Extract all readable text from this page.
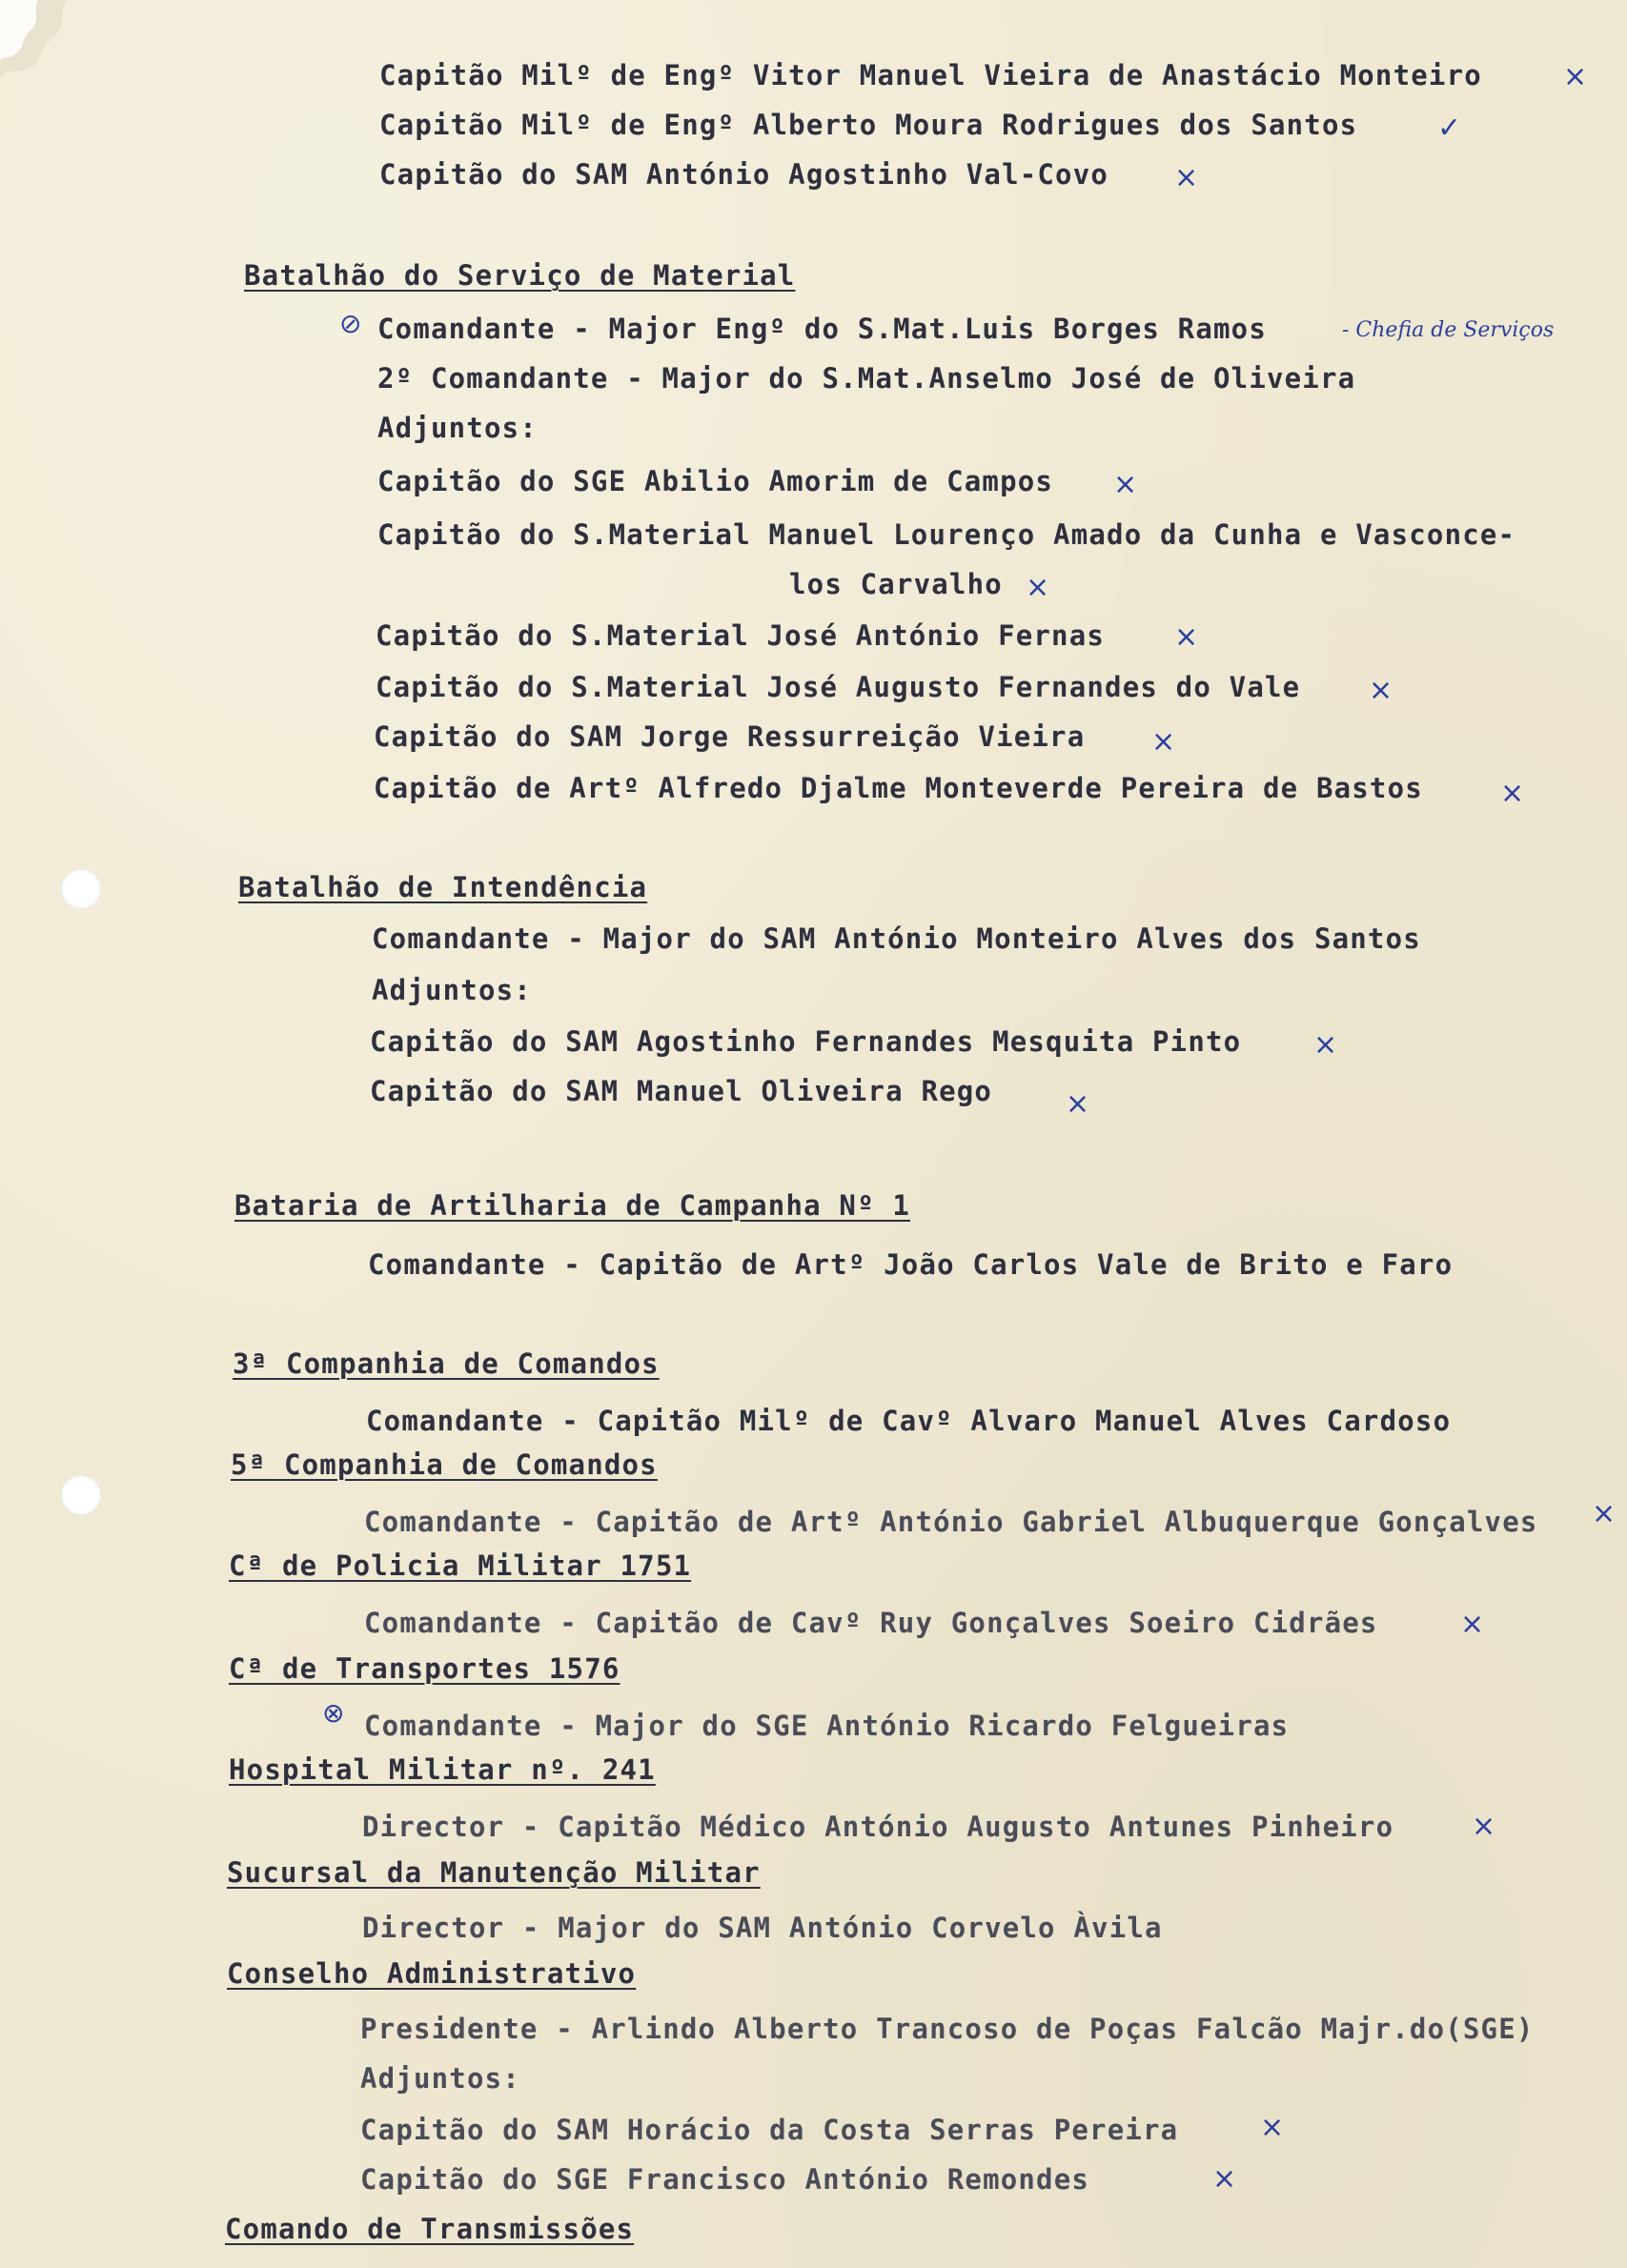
Capitão Milº de Engº Vitor Manuel Vieira de Anastácio Monteiro	×
Capitão Milº de Engº Alberto Moura Rodrigues dos Santos	✓
Capitão do SAM António Agostinho Val-Covo ×
Batalhão do Serviço de Material
⊘ Comandante - Major Engº do S.Mat.Luis Borges Ramos	- Chefia de Serviços
2º Comandante - Major do S.Mat.Anselmo José de Oliveira
Adjuntos:
Capitão do SGE Abilio Amorim de Campos ×
Capitão do S.Material Manuel Lourenço Amado da Cunha e Vasconce-
los Carvalho ×
Capitão do S.Material José António Fernas ×
Capitão do S.Material José Augusto Fernandes do Vale ×
Capitão do SAM Jorge Ressurreição Vieira ×
Capitão de Artº Alfredo Djalme Monteverde Pereira de Bastos	×
Batalhão de Intendência
Comandante - Major do SAM António Monteiro Alves dos Santos
Adjuntos:
Capitão do SAM Agostinho Fernandes Mesquita Pinto	×
Capitão do SAM Manuel Oliveira Rego	×
Bataria de Artilharia de Campanha Nº 1
Comandante - Capitão de Artº João Carlos Vale de Brito e Faro
3ª Companhia de Comandos
Comandante - Capitão Milº de Cavº Alvaro Manuel Alves Cardoso
5ª Companhia de Comandos
Comandante - Capitão de Artº António Gabriel Albuquerque Gonçalves ×
Cª de Policia Militar 1751
Comandante - Capitão de Cavº Ruy Gonçalves Soeiro Cidrães	×
Cª de Transportes 1576
⊗ Comandante - Major do SGE António Ricardo Felgueiras
Hospital Militar nº. 241
Director - Capitão Médico António Augusto Antunes Pinheiro	×
Sucursal da Manutenção Militar
Director - Major do SAM António Corvelo Àvila
Conselho Administrativo
Presidente - Arlindo Alberto Trancoso de Poças Falcão Majr.do(SGE)
Adjuntos:
Capitão do SAM Horácio da Costa Serras Pereira	×
Capitão do SGE Francisco António Remondes	×
Comando de Transmissões
